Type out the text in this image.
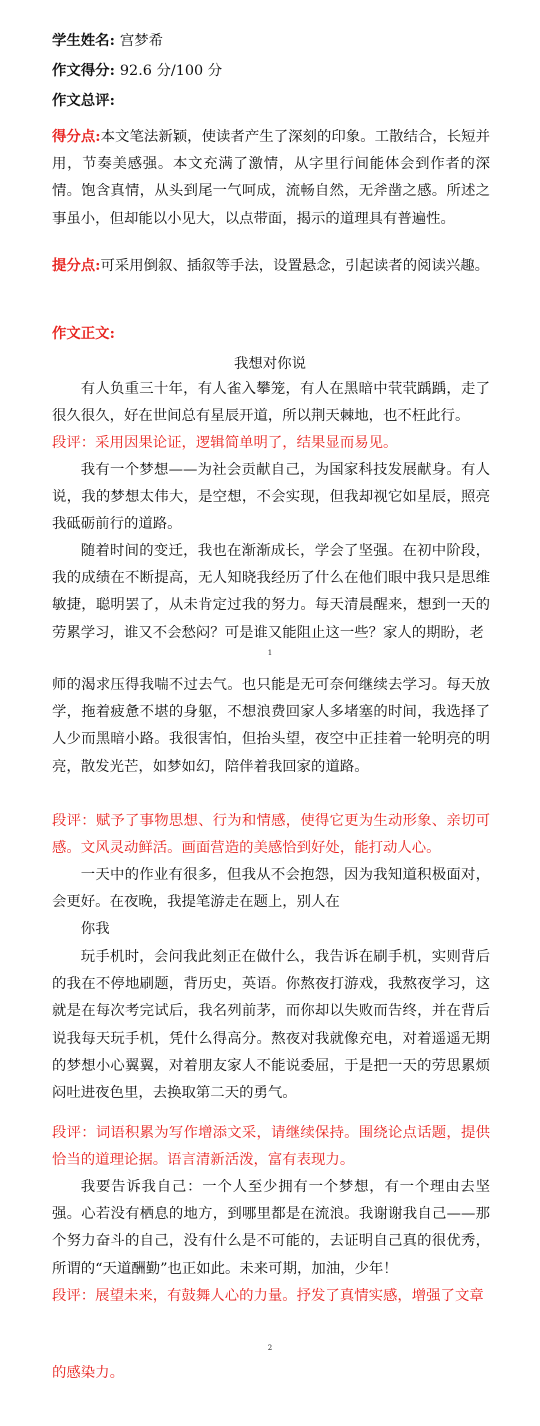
学生姓名: 宫梦希
作文得分: 92.6 分/100 分
作文总评:
得分点:本文笔法新颖，使读者产生了深刻的印象。工散结合，长短并用，节奏美感强。本文充满了激情，从字里行间能体会到作者的深情。饱含真情，从头到尾一气呵成，流畅自然，无斧凿之感。所述之事虽小，但却能以小见大，以点带面，揭示的道理具有普遍性。
提分点:可采用倒叙、插叙等手法，设置悬念，引起读者的阅读兴趣。
作文正文:
我想对你说
有人负重三十年，有人雀入攀笼，有人在黑暗中茕茕踽踽，走了很久很久，好在世间总有星辰开道，所以荆天棘地，也不枉此行。
段评：采用因果论证，逻辑简单明了，结果显而易见。
我有一个梦想——为社会贡献自己，为国家科技发展献身。有人说，我的梦想太伟大，是空想，不会实现，但我却视它如星辰，照亮我砥砺前行的道路。
随着时间的变迁，我也在渐渐成长，学会了坚强。在初中阶段，我的成绩在不断提高，无人知晓我经历了什么在他们眼中我只是思维敏捷，聪明罢了，从未肯定过我的努力。每天清晨醒来，想到一天的劳累学习，谁又不会愁闷？可是谁又能阻止这一些？家人的期盼，老
1
师的渴求压得我喘不过去气。也只能是无可奈何继续去学习。每天放学，拖着疲惫不堪的身躯，不想浪费回家人多堵塞的时间，我选择了人少而黑暗小路。我很害怕，但抬头望，夜空中正挂着一轮明亮的明亮，散发光芒，如梦如幻，陪伴着我回家的道路。
段评：赋予了事物思想、行为和情感，使得它更为生动形象、亲切可感。文风灵动鲜活。画面营造的美感恰到好处，能打动人心。
一天中的作业有很多，但我从不会抱怨，因为我知道积极面对，会更好。在夜晚，我提笔游走在题上，别人在
你我
玩手机时，会问我此刻正在做什么，我告诉在刷手机，实则背后的我在不停地刷题，背历史，英语。你熬夜打游戏，我熬夜学习，这就是在每次考完试后，我名列前茅，而你却以失败而告终，并在背后说我每天玩手机，凭什么得高分。熬夜对我就像充电，对着遥遥无期的梦想小心翼翼，对着朋友家人不能说委屈，于是把一天的劳思累烦闷吐进夜色里，去换取第二天的勇气。
段评：词语积累为写作增添文采，请继续保持。围绕论点话题，提供恰当的道理论据。语言清新活泼，富有表现力。
我要告诉我自己：一个人至少拥有一个梦想，有一个理由去坚强。心若没有栖息的地方，到哪里都是在流浪。我谢谢我自己——那个努力奋斗的自己，没有什么是不可能的，去证明自己真的很优秀，所谓的“天道酬勤”也正如此。未来可期，加油，少年！
段评：展望未来，有鼓舞人心的力量。抒发了真情实感，增强了文章
2
的感染力。
